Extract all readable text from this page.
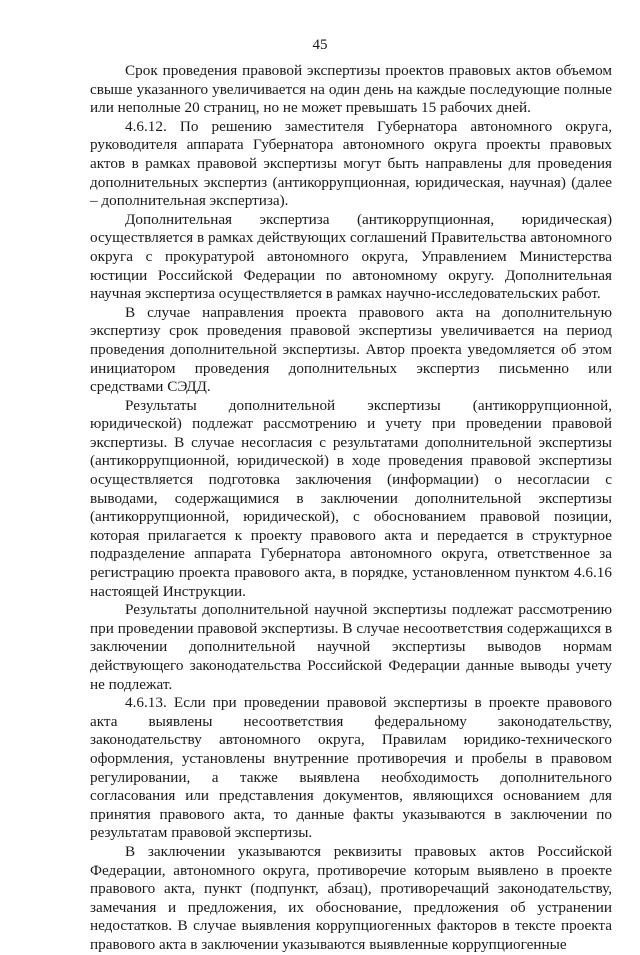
45

Срок проведения правовой экспертизы проектов правовых актов объемом свыше указанного увеличивается на один день на каждые последующие полные или неполные 20 страниц, но не может превышать 15 рабочих дней.

4.6.12. По решению заместителя Губернатора автономного округа, руководителя аппарата Губернатора автономного округа проекты правовых актов в рамках правовой экспертизы могут быть направлены для проведения дополнительных экспертиз (антикоррупционная, юридическая, научная) (далее – дополнительная экспертиза).

Дополнительная экспертиза (антикоррупционная, юридическая) осуществляется в рамках действующих соглашений Правительства автономного округа с прокуратурой автономного округа, Управлением Министерства юстиции Российской Федерации по автономному округу. Дополнительная научная экспертиза осуществляется в рамках научно-исследовательских работ.

В случае направления проекта правового акта на дополнительную экспертизу срок проведения правовой экспертизы увеличивается на период проведения дополнительной экспертизы. Автор проекта уведомляется об этом инициатором проведения дополнительных экспертиз письменно или средствами СЭДД.

Результаты дополнительной экспертизы (антикоррупционной, юридической) подлежат рассмотрению и учету при проведении правовой экспертизы. В случае несогласия с результатами дополнительной экспертизы (антикоррупционной, юридической) в ходе проведения правовой экспертизы осуществляется подготовка заключения (информации) о несогласии с выводами, содержащимися в заключении дополнительной экспертизы (антикоррупционной, юридической), с обоснованием правовой позиции, которая прилагается к проекту правового акта и передается в структурное подразделение аппарата Губернатора автономного округа, ответственное за регистрацию проекта правового акта, в порядке, установленном пунктом 4.6.16 настоящей Инструкции.

Результаты дополнительной научной экспертизы подлежат рассмотрению при проведении правовой экспертизы. В случае несоответствия содержащихся в заключении дополнительной научной экспертизы выводов нормам действующего законодательства Российской Федерации данные выводы учету не подлежат.

4.6.13. Если при проведении правовой экспертизы в проекте правового акта выявлены несоответствия федеральному законодательству, законодательству автономного округа, Правилам юридико-технического оформления, установлены внутренние противоречия и пробелы в правовом регулировании, а также выявлена необходимость дополнительного согласования или представления документов, являющихся основанием для принятия правового акта, то данные факты указываются в заключении по результатам правовой экспертизы.

В заключении указываются реквизиты правовых актов Российской Федерации, автономного округа, противоречие которым выявлено в проекте правового акта, пункт (подпункт, абзац), противоречащий законодательству, замечания и предложения, их обоснование, предложения об устранении недостатков. В случае выявления коррупциогенных факторов в тексте проекта правового акта в заключении указываются выявленные коррупциогенные
